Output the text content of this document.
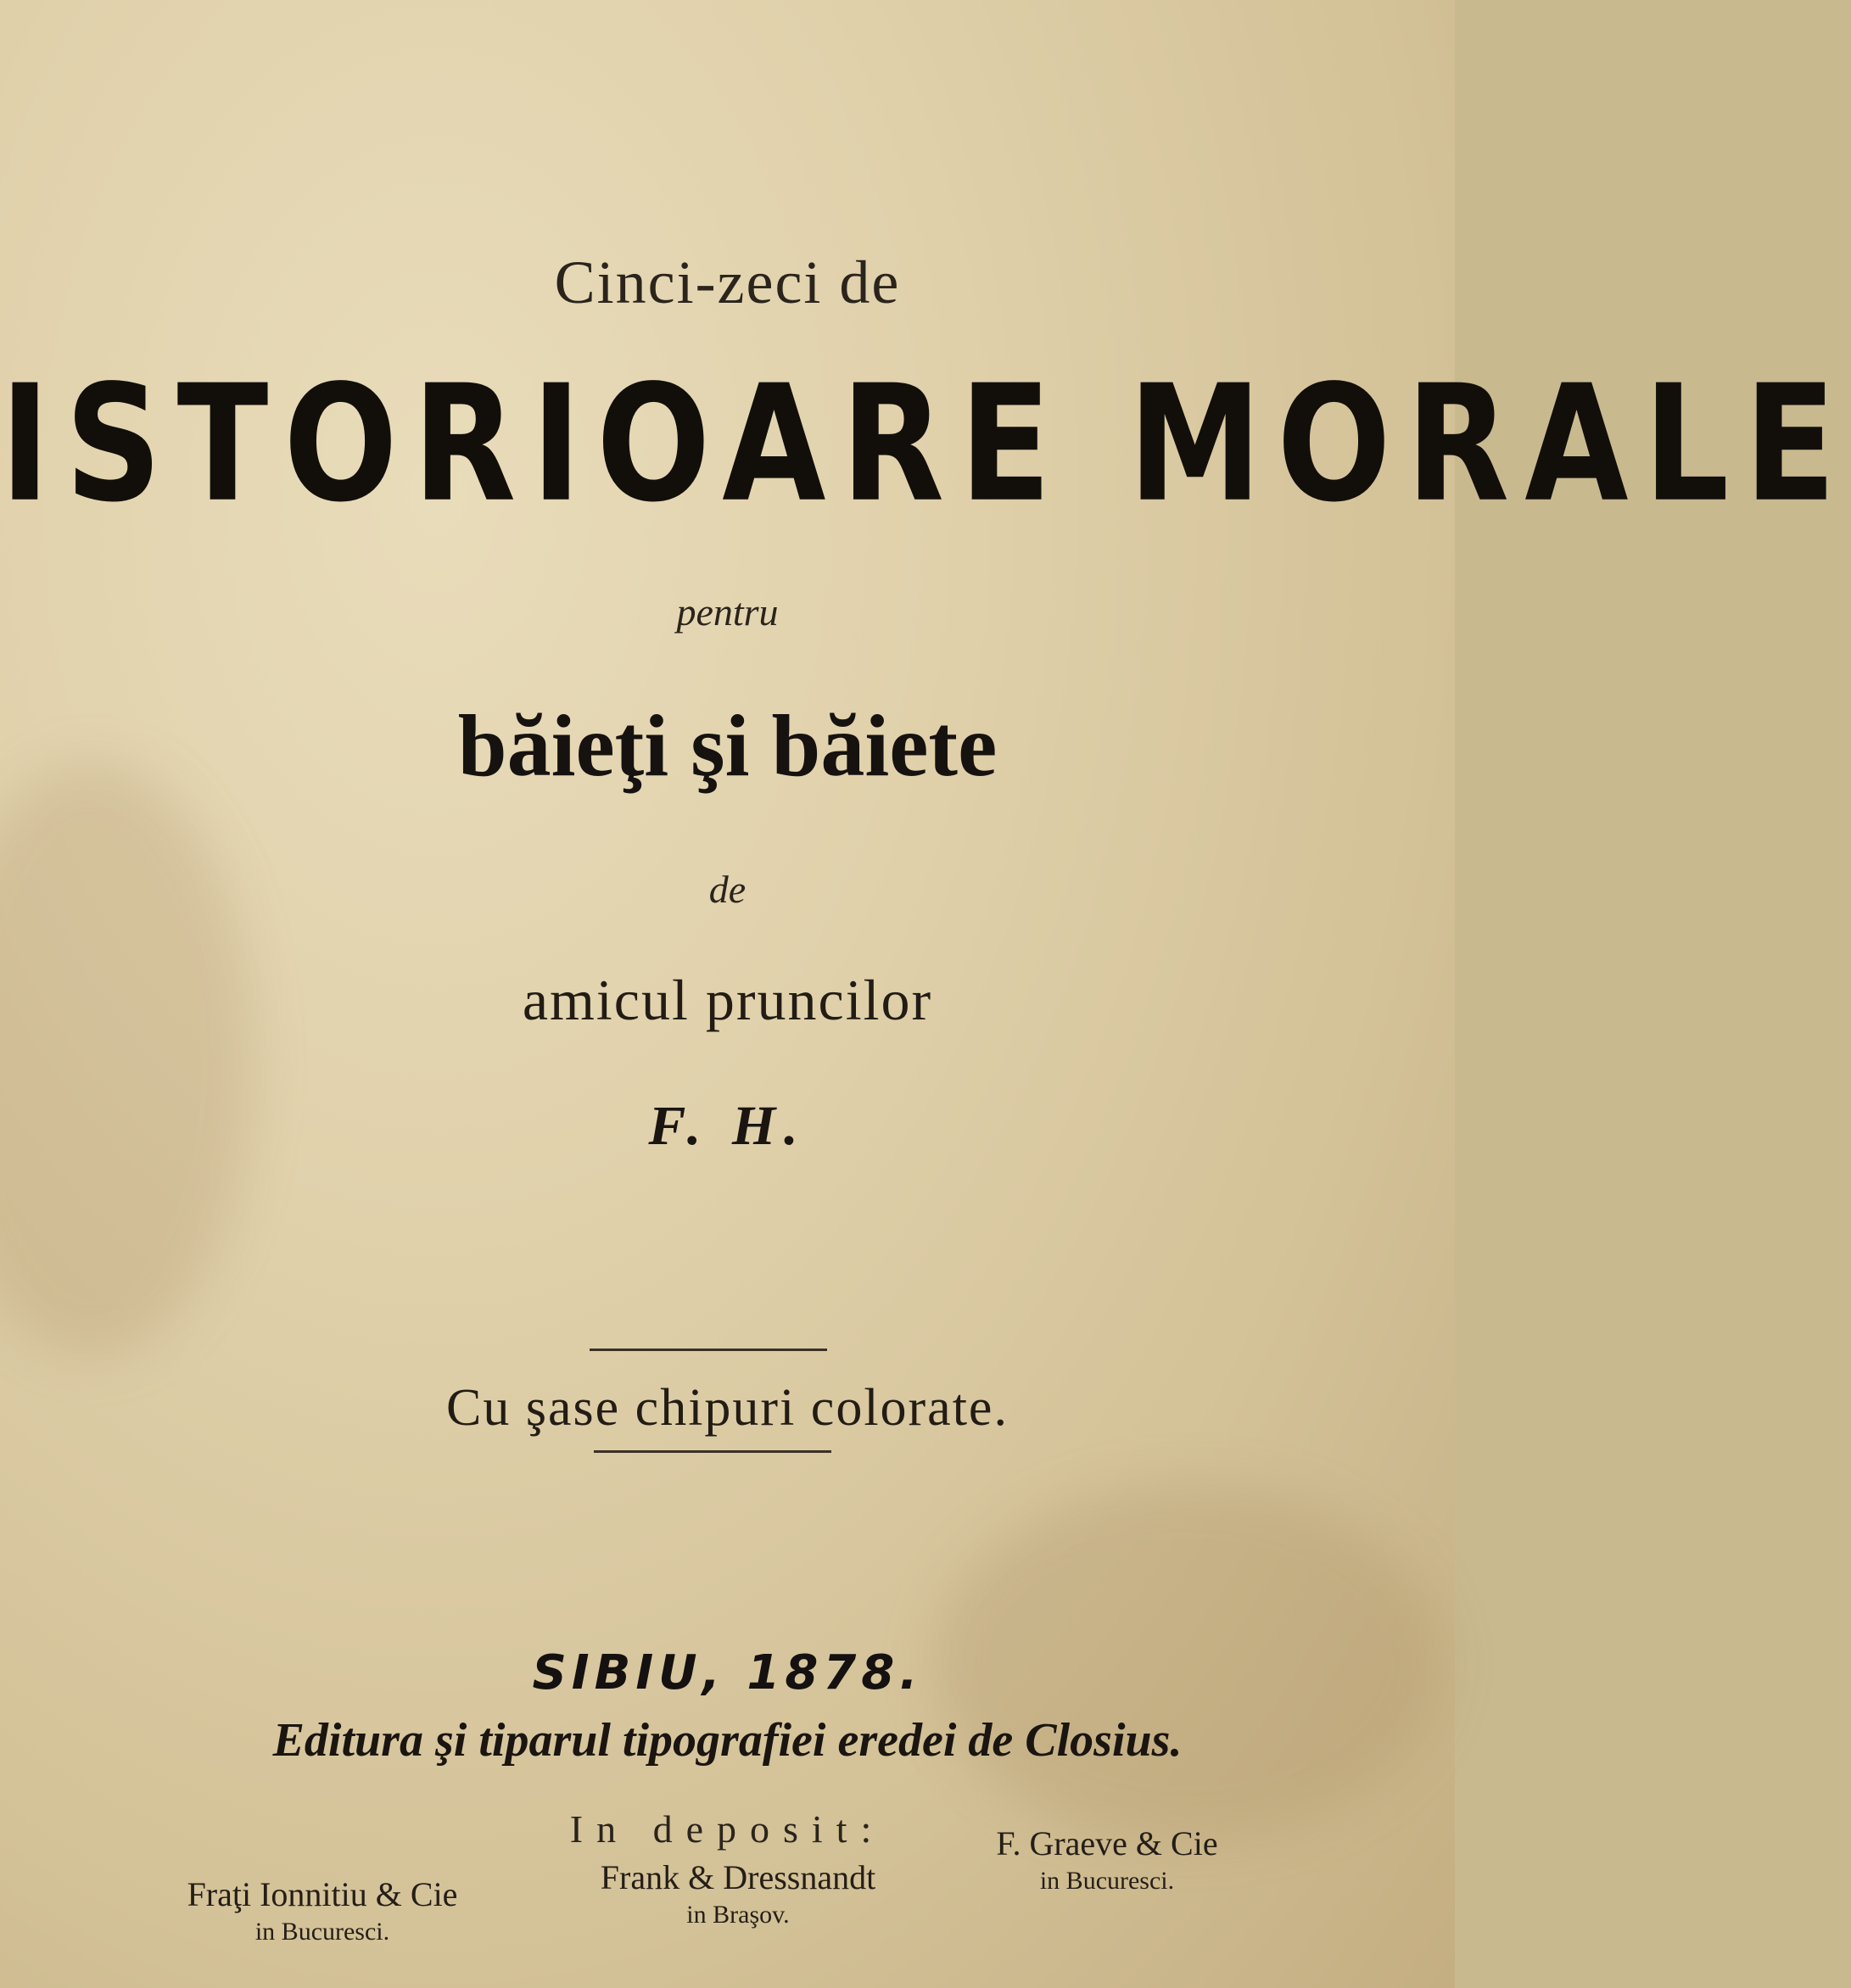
Cinci-zeci de
ISTORIOARE MORALE
pentru
băieţi şi băiete
de
amicul pruncilor
F. H.
Cu şase chipuri colorate.
SIBIU, 1878.
Editura şi tiparul tipografiei eredei de Closius.
In deposit:
Fraţi Ionnitiu & Cie
in Bucuresci.
Frank & Dressnandt
in Braşov.
F. Graeve & Cie
in Bucuresci.
